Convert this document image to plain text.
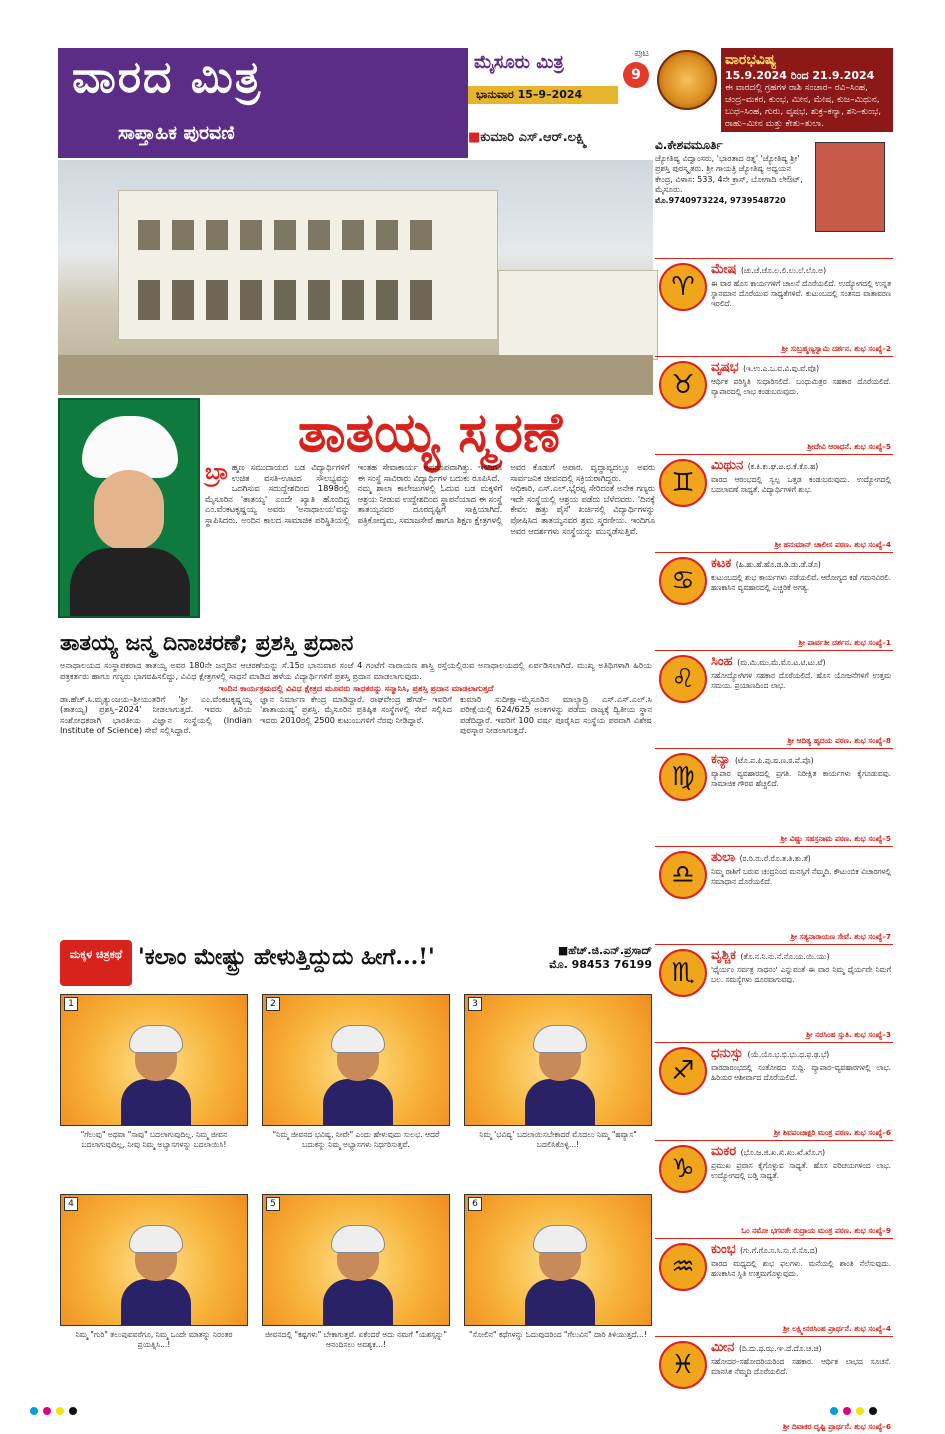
ವಾರದ ಮಿತ್ರ
ಸಾಪ್ತಾಹಿಕ ಪುರವಣಿ
ಮೈಸೂರು ಮಿತ್ರ	ಪುಟ
9
ಭಾನುವಾರ 15–9–2024
■ಕುಮಾರಿ ಎಸ್.ಆರ್.ಲಕ್ಷ್ಮಿ
ತಾತಯ್ಯ ಸ್ಮರಣೆ

ಬ್ರಾ ಹ್ಮಣ ಸಮುದಾಯದ ಬಡ ವಿದ್ಯಾರ್ಥಿಗಳಿಗೆ ಉಚಿತ ವಸತಿ-ಊಟದ ಸೌಲಭ್ಯವನ್ನು ಒದಗಿಸುವ ಸದುದ್ದೇಶದಿಂದ 1898ರಲ್ಲಿ ಮೈಸೂರಿನ 'ತಾತಯ್ಯ' ಎಂದೇ ಖ್ಯಾತಿ ಹೊಂದಿದ್ದ ಎಂ.ವೆಂಕಟಕೃಷ್ಣಯ್ಯ ಅವರು 'ಅನಾಥಾಲಯ'ವನ್ನು ಸ್ಥಾಪಿಸಿದರು. ಅಂದಿನ ಕಾಲದ ಸಾಮಾಜಿಕ ಪರಿಸ್ಥಿತಿಯಲ್ಲಿ ಇಂತಹ ಸೇವಾಕಾರ್ಯ ಅಪರೂಪವಾಗಿತ್ತು. ಇಂದಿಗೂ ಈ ಸಂಸ್ಥೆ ಸಾವಿರಾರು ವಿದ್ಯಾರ್ಥಿಗಳ ಬದುಕು ರೂಪಿಸಿದೆ.

ನಮ್ಮ ಶಾಲಾ ಕಾಲೇಜುಗಳಲ್ಲಿ ಓದುವ ಬಡ ಮಕ್ಕಳಿಗೆ ಆಶ್ರಯ ನೀಡುವ ಉದ್ದೇಶದಿಂದ ಸ್ಥಾಪನೆಯಾದ ಈ ಸಂಸ್ಥೆ ತಾತಯ್ಯನವರ ದೂರದೃಷ್ಟಿಗೆ ಸಾಕ್ಷಿಯಾಗಿದೆ. ಪತ್ರಿಕೋದ್ಯಮ, ಸಮಾಜಸೇವೆ ಹಾಗೂ ಶಿಕ್ಷಣ ಕ್ಷೇತ್ರಗಳಲ್ಲಿ ಅವರ ಕೊಡುಗೆ ಅಪಾರ. ವೃದ್ಧಾಪ್ಯದಲ್ಲೂ ಅವರು ಸಾರ್ವಜನಿಕ ಜೀವನದಲ್ಲಿ ಸಕ್ರಿಯರಾಗಿದ್ದರು.

ಅಧಿಕಾರಿ, ಎಸ್.ಎಲ್.ಭೈರಪ್ಪ ಸೇರಿದಂತೆ ಅನೇಕ ಗಣ್ಯರು ಇದೇ ಸಂಸ್ಥೆಯಲ್ಲಿ ಆಶ್ರಯ ಪಡೆದು ಬೆಳೆದವರು. 'ದಿನಕ್ಕೆ ಕೇವಲ ಹತ್ತು ಪೈಸೆ' ಖರ್ಚಿನಲ್ಲಿ ವಿದ್ಯಾರ್ಥಿಗಳನ್ನು ಪೋಷಿಸಿದ ತಾತಯ್ಯನವರ ಶ್ರಮ ಸ್ಮರಣೀಯ. ಇಂದಿಗೂ ಅವರ ಆದರ್ಶಗಳು ಸಂಸ್ಥೆಯನ್ನು ಮುನ್ನಡೆಸುತ್ತಿವೆ.

ತಾತಯ್ಯ ಜನ್ಮ ದಿನಾಚರಣೆ; ಪ್ರಶಸ್ತಿ ಪ್ರದಾನ
ಅನಾಥಾಲಯದ ಸಂಸ್ಥಾಪಕರಾದ ತಾತಯ್ಯ ಅವರ 180ನೇ ಜನ್ಮದಿನ ಆಚರಣೆಯನ್ನು ಸೆ.15ರ ಭಾನುವಾರ ಸಂಜೆ 4 ಗಂಟೆಗೆ ನಾರಾಯಣ ಶಾಸ್ತ್ರಿ ರಸ್ತೆಯಲ್ಲಿರುವ ಅನಾಥಾಲಯದಲ್ಲಿ ಏರ್ಪಡಿಸಲಾಗಿದೆ. ಮುಖ್ಯ ಅತಿಥಿಗಳಾಗಿ ಹಿರಿಯ ಪತ್ರಕರ್ತರು ಹಾಗೂ ಗಣ್ಯರು ಭಾಗವಹಿಸಲಿದ್ದು, ವಿವಿಧ ಕ್ಷೇತ್ರಗಳಲ್ಲಿ ಸಾಧನೆ ಮಾಡಿದ ಹಳೆಯ ವಿದ್ಯಾರ್ಥಿಗಳಿಗೆ ಪ್ರಶಸ್ತಿ ಪ್ರದಾನ ಮಾಡಲಾಗುವುದು.
ಇಂದಿನ ಕಾರ್ಯಕ್ರಮದಲ್ಲಿ ವಿವಿಧ ಕ್ಷೇತ್ರದ ಮೂವರು ಸಾಧಕರನ್ನು ಸನ್ಮಾನಿಸಿ, ಪ್ರಶಸ್ತಿ ಪ್ರದಾನ ಮಾಡಲಾಗುತ್ತದೆ

ಡಾ.ಹೆಚ್.ಸಿ.ಮೃತ್ಯುಂಜಯ–ಶ್ರೀಯುತರಿಗೆ 'ಶ್ರೀ ಎಂ.ವೆಂಕಟಕೃಷ್ಣಯ್ಯ (ತಾತಯ್ಯ) ಪ್ರಶಸ್ತಿ–2024' ನೀಡಲಾಗುತ್ತದೆ. ಇವರು ಹಿರಿಯ ಸಂಶೋಧಕರಾಗಿ ಭಾರತೀಯ ವಿಜ್ಞಾನ ಸಂಸ್ಥೆಯಲ್ಲಿ (Indian Institute of Science) ಸೇವೆ ಸಲ್ಲಿಸಿದ್ದಾರೆ.

ಜ್ಞಾನ ನಿರ್ಮಾಣ ಕೇಂದ್ರ ಮಾಡಿದ್ದಾರೆ. ರಾಘವೇಂದ್ರ ಹೆಗಡೆ– ಇವರಿಗೆ 'ಶಾತಾಯುಷ್ಯ' ಪ್ರಶಸ್ತಿ. ಮೈಸೂರಿನ ಪ್ರತಿಷ್ಠಿತ ಸಂಸ್ಥೆಗಳಲ್ಲಿ ಸೇವೆ ಸಲ್ಲಿಸಿದ ಇವರು 2010ರಲ್ಲಿ 2500 ಕುಟುಂಬಗಳಿಗೆ ನೆರವು ನೀಡಿದ್ದಾರೆ.

ಕುಮಾರಿ ಸುದೀಕ್ಷಾ–ಮೈಸೂರಿನ ಮಾಲ್ಯಾದ್ರಿ ಎಸ್.ಎಸ್.ಎಲ್.ಸಿ ಪರೀಕ್ಷೆಯಲ್ಲಿ 624/625 ಅಂಕಗಳನ್ನು ಪಡೆದು ರಾಜ್ಯಕ್ಕೆ ದ್ವಿತೀಯ ಸ್ಥಾನ ಪಡೆದಿದ್ದಾರೆ. ಇವರಿಗೆ 100 ವರ್ಷ ಪೂರೈಸಿದ ಸಂಸ್ಥೆಯ ಪರವಾಗಿ ವಿಶೇಷ ಪುರಸ್ಕಾರ ನೀಡಲಾಗುತ್ತದೆ.

ಮಕ್ಕಳ ಚಿತ್ರಕಥೆ 'ಕಲಾಂ ಮೇಷ್ಟ್ರು ಹೇಳುತ್ತಿದ್ದುದು ಹೀಗೆ...!'	■ಹೆಚ್.ಜಿ.ಎನ್.ಪ್ರಸಾದ್
ಮೊ. 98453 76199
1
"ಗೆಲುವು" ಅಥವಾ "ಸಾವು" ಬದಲಾಗುವುದಿಲ್ಲ. ನಿಮ್ಮ ಜೀವನ ಬದಲಾಗುವುದಿಲ್ಲ, ನೀವು ನಿಮ್ಮ ಅಭ್ಯಾಸಗಳನ್ನು ಬದಲಾಯಿಸಿ!
2
"ನಿಮ್ಮ ಜೀವನದ ಭವಿಷ್ಯ, ನೀವೇ" ಎಂದು ಹೇಳುವುದು ಸುಲಭ. ಆದರೆ ಬದುಕನ್ನು ನಿಮ್ಮ ಅಭ್ಯಾಸಗಳು ನಿರ್ಧರಿಸುತ್ತವೆ.
3
ನಿಮ್ಮ 'ಭವಿಷ್ಯ' ಬದಲಾಯಿಸಬೇಕಾದರೆ ಮೊದಲು ನಿಮ್ಮ "ಹವ್ಯಾಸ" ಬದಲಿಸಿಕೊಳ್ಳಿ...!
4
ನಿಮ್ಮ "ಗುರಿ" ತಲುಪುವವರೆಗೂ, ನಿಮ್ಮ ಒಂದೇ ಮಾತನ್ನು ನಿರಂತರ ಪ್ರಯತ್ನಿಸಿ...!
5
ಜೀವನದಲ್ಲಿ "ಕಷ್ಟಗಳು" ಬೇಕಾಗುತ್ತವೆ. ಏಕೆಂದರೆ ಅದು ನಮಗೆ "ಯಶಸ್ಸನ್ನು" ಆನಂದಿಸಲು ಅವಶ್ಯಕ...!
6
"ಸೋಲಿನ" ಕಥೆಗಳನ್ನು ಓದುವುದರಿಂದ "ಗೆಲುವಿನ" ದಾರಿ ತಿಳಿಯುತ್ತದೆ...!
ವಾರಭವಿಷ್ಯ
15.9.2024 ರಿಂದ 21.9.2024
ಈ ವಾರದಲ್ಲಿ ಗ್ರಹಗಳ ರಾಶಿ ಸಂಚಾರ– ರವಿ–ಸಿಂಹ, ಚಂದ್ರ–ಮಕರ, ಕುಂಭ, ಮೀನ, ಮೇಷ, ಕುಜ–ಮಿಥುನ, ಬುಧ–ಸಿಂಹ, ಗುರು, ವೃಷಭ, ಶುಕ್ರ–ಕನ್ಯಾ, ಶನಿ–ಕುಂಭ, ರಾಹು–ಮೀನ ಮತ್ತು ಕೇತು–ತುಲಾ.
ವಿ.ಕೇಶವಮೂರ್ತಿ
ಜ್ಯೋತಿಷ್ಯ ವಿದ್ವಾಂಸರು, 'ಭಾರತಾದ ರತ್ನ' 'ಜ್ಯೋತಿಷ್ಯ ಶ್ರೀ' ಪ್ರಶಸ್ತಿ ಪುರಸ್ಕೃತರು. ಶ್ರೀ ಗಾಯತ್ರಿ ಜ್ಯೋತಿಷ್ಯ ಅಧ್ಯಯನ ಕೇಂದ್ರ, ವಿಳಾಸ: 533, 4ನೇ ಕ್ರಾಸ್, ಬೋಗಾದಿ ಲೇಔಟ್, ಮೈಸೂರು.
ಮೊ.9740973224, 9739548720
♈
ಮೇಷ (ಚು.ಚೆ.ಚೊ.ಲ.ಲಿ.ಲು.ಲೆ.ಲೊ.ಅ)
ಈ ವಾರ ಹೊಸ ಕಾರ್ಯಗಳಿಗೆ ಚಾಲನೆ ದೊರೆಯಲಿದೆ. ಉದ್ಯೋಗದಲ್ಲಿ ಉನ್ನತ ಸ್ಥಾನಮಾನ ದೊರೆಯುವ ಸಾಧ್ಯತೆಗಳಿವೆ. ಕುಟುಂಬದಲ್ಲಿ ಸಂತಸದ ವಾತಾವರಣ ಇರಲಿದೆ.
ಶ್ರೀ ಸುಬ್ರಹ್ಮಣ್ಯಸ್ವಾಮಿ ದರ್ಶನ. ಶುಭ ಸಂಖ್ಯೆ–2
♉
ವೃಷಭ (ಇ.ಉ.ಎ.ಒ.ವ.ವಿ.ವು.ವೆ.ವೊ)
ಆರ್ಥಿಕ ಪರಿಸ್ಥಿತಿ ಸುಧಾರಿಸಲಿದೆ. ಬಂಧುಮಿತ್ರರ ಸಹಕಾರ ದೊರೆಯಲಿದೆ. ವ್ಯಾಪಾರದಲ್ಲಿ ಲಾಭ ಕಂಡುಬರುವುದು.
ಶ್ರೀದೇವಿ ಆರಾಧನೆ. ಶುಭ ಸಂಖ್ಯೆ–5
♊
ಮಿಥುನ (ಕ.ಕಿ.ಕು.ಘ.ಙ.ಛ.ಕೆ.ಕೊ.ಹ)
ವಾರದ ಆರಂಭದಲ್ಲಿ ಸ್ವಲ್ಪ ಒತ್ತಡ ಕಂಡುಬರುವುದು. ಉದ್ಯೋಗದಲ್ಲಿ ಬದಲಾವಣೆ ಸಾಧ್ಯತೆ. ವಿದ್ಯಾರ್ಥಿಗಳಿಗೆ ಶುಭ.
ಶ್ರೀ ಹನುಮಾನ್ ಚಾಲೀಸ ಪಠಣ. ಶುಭ ಸಂಖ್ಯೆ–4
♋
ಕಟಕ (ಹಿ.ಹು.ಹೆ.ಹೊ.ಡ.ಡಿ.ಡು.ಡೆ.ಡೊ)
ಕುಟುಂಬದಲ್ಲಿ ಶುಭ ಕಾರ್ಯಗಳು ನಡೆಯಲಿವೆ. ಆರೋಗ್ಯದ ಕಡೆ ಗಮನವಿರಲಿ. ಹಣಕಾಸಿನ ವ್ಯವಹಾರದಲ್ಲಿ ಎಚ್ಚರಿಕೆ ಅಗತ್ಯ.
ಶ್ರೀ ಪಾರ್ವತೀ ದರ್ಶನ. ಶುಭ ಸಂಖ್ಯೆ–1
♌
ಸಿಂಹ (ಮ.ಮಿ.ಮು.ಮೆ.ಮೊ.ಟ.ಟಿ.ಟು.ಟೆ)
ಸಹೋದ್ಯೋಗಿಗಳ ಸಹಕಾರ ದೊರೆಯಲಿದೆ. ಹೊಸ ಯೋಜನೆಗಳಿಗೆ ಉತ್ತಮ ಸಮಯ. ಪ್ರಯಾಣದಿಂದ ಲಾಭ.
ಶ್ರೀ ಆದಿತ್ಯ ಹೃದಯ ಪಠಣ. ಶುಭ ಸಂಖ್ಯೆ–8
♍
ಕನ್ಯಾ (ಟೊ.ಪ.ಪಿ.ಪು.ಷ.ಣ.ಠ.ಪೆ.ಪೊ)
ವ್ಯಾಪಾರ ವ್ಯವಹಾರದಲ್ಲಿ ಪ್ರಗತಿ. ನಿರೀಕ್ಷಿತ ಕಾರ್ಯಗಳು ಕೈಗೂಡುವವು. ಸಾಮಾಜಿಕ ಗೌರವ ಹೆಚ್ಚಲಿದೆ.
ಶ್ರೀ ವಿಷ್ಣು ಸಹಸ್ರನಾಮ ಪಠಣ. ಶುಭ ಸಂಖ್ಯೆ–5
♎
ತುಲಾ (ರ.ರಿ.ರು.ರೆ.ರೊ.ತ.ತಿ.ತು.ತೆ)
ನಿಮ್ಮ ರಾಶಿಗೆ ಬರುವ ಚಂದ್ರನಿಂದ ಮನಸ್ಸಿಗೆ ನೆಮ್ಮದಿ. ಕೌಟುಂಬಿಕ ವಿಚಾರಗಳಲ್ಲಿ ಸಮಾಧಾನ ದೊರೆಯಲಿದೆ.
ಶ್ರೀ ಸತ್ಯನಾರಾಯಣ ಸೇವೆ. ಶುಭ ಸಂಖ್ಯೆ–7
♏
ವೃಶ್ಚಿಕ (ತೊ.ನ.ನಿ.ನು.ನೆ.ನೊ.ಯ.ಯಿ.ಯು)
'ಧೈರ್ಯಂ ಸರ್ವತ್ರ ಸಾಧನಂ' ಎನ್ನುವಂತೆ ಈ ವಾರ ನಿಮ್ಮ ಧೈರ್ಯವೇ ನಿಮಗೆ ಬಲ. ಸಮಸ್ಯೆಗಳು ದೂರವಾಗುವವು.
ಶ್ರೀ ನರಸಿಂಹ ಸ್ತುತಿ. ಶುಭ ಸಂಖ್ಯೆ–3
♐
ಧನುಸ್ಸು (ಯೆ.ಯೊ.ಭ.ಭಿ.ಭು.ಧ.ಫ.ಢ.ಭೆ)
ವಾರದಾರಂಭದಲ್ಲಿ ಸಂತೋಷದ ಸುದ್ದಿ. ವ್ಯಾಪಾರ–ವ್ಯವಹಾರಗಳಲ್ಲಿ ಲಾಭ. ಹಿರಿಯರ ಆಶೀರ್ವಾದ ದೊರೆಯಲಿದೆ.
ಶ್ರೀ ಶಿವಪಂಚಾಕ್ಷರಿ ಮಂತ್ರ ಪಠಣ. ಶುಭ ಸಂಖ್ಯೆ–6
♑
ಮಕರ (ಭೊ.ಜ.ಜಿ.ಖ.ಖಿ.ಖು.ಖೆ.ಖೊ.ಗ)
ಪ್ರಮುಖ ಪ್ರವಾಸ ಕೈಗೊಳ್ಳುವ ಸಾಧ್ಯತೆ. ಹೊಸ ಪರಿಚಯಗಳಿಂದ ಲಾಭ. ಉದ್ಯೋಗದಲ್ಲಿ ಬಡ್ತಿ ಸಾಧ್ಯತೆ.
ಓಂ ನಮೋ ಭಗವತೇ ರುದ್ರಾಯ ಮಂತ್ರ ಪಠಣ. ಶುಭ ಸಂಖ್ಯೆ–9
♒
ಕುಂಭ (ಗು.ಗೆ.ಗೊ.ಸ.ಸಿ.ಸು.ಸೆ.ಸೊ.ದ)
ವಾರದ ಮಧ್ಯದಲ್ಲಿ ಶುಭ ಫಲಗಳು. ಮನೆಯಲ್ಲಿ ಶಾಂತಿ ನೆಲೆಸುವುದು. ಹಣಕಾಸಿನ ಸ್ಥಿತಿ ಉತ್ತಮಗೊಳ್ಳುವುದು.
ಶ್ರೀ ಲಕ್ಷ್ಮೀನರಸಿಂಹ ಪ್ರಾರ್ಥನೆ. ಶುಭ ಸಂಖ್ಯೆ–4
♓
ಮೀನ (ದಿ.ದು.ಥ.ಝ.ಞ.ದೆ.ದೊ.ಚ.ಚಿ)
ಸಹೋದರ–ಸಹೋದರಿಯರಿಂದ ಸಹಕಾರ. ಆರ್ಥಿಕ ಲಾಭದ ಸೂಚನೆ. ಮಾನಸಿಕ ನೆಮ್ಮದಿ ದೊರೆಯಲಿದೆ.
ಶ್ರೀ ದಿವಾಕರ ದೃಷ್ಟಿ ಪ್ರಾರ್ಥನೆ. ಶುಭ ಸಂಖ್ಯೆ–6
